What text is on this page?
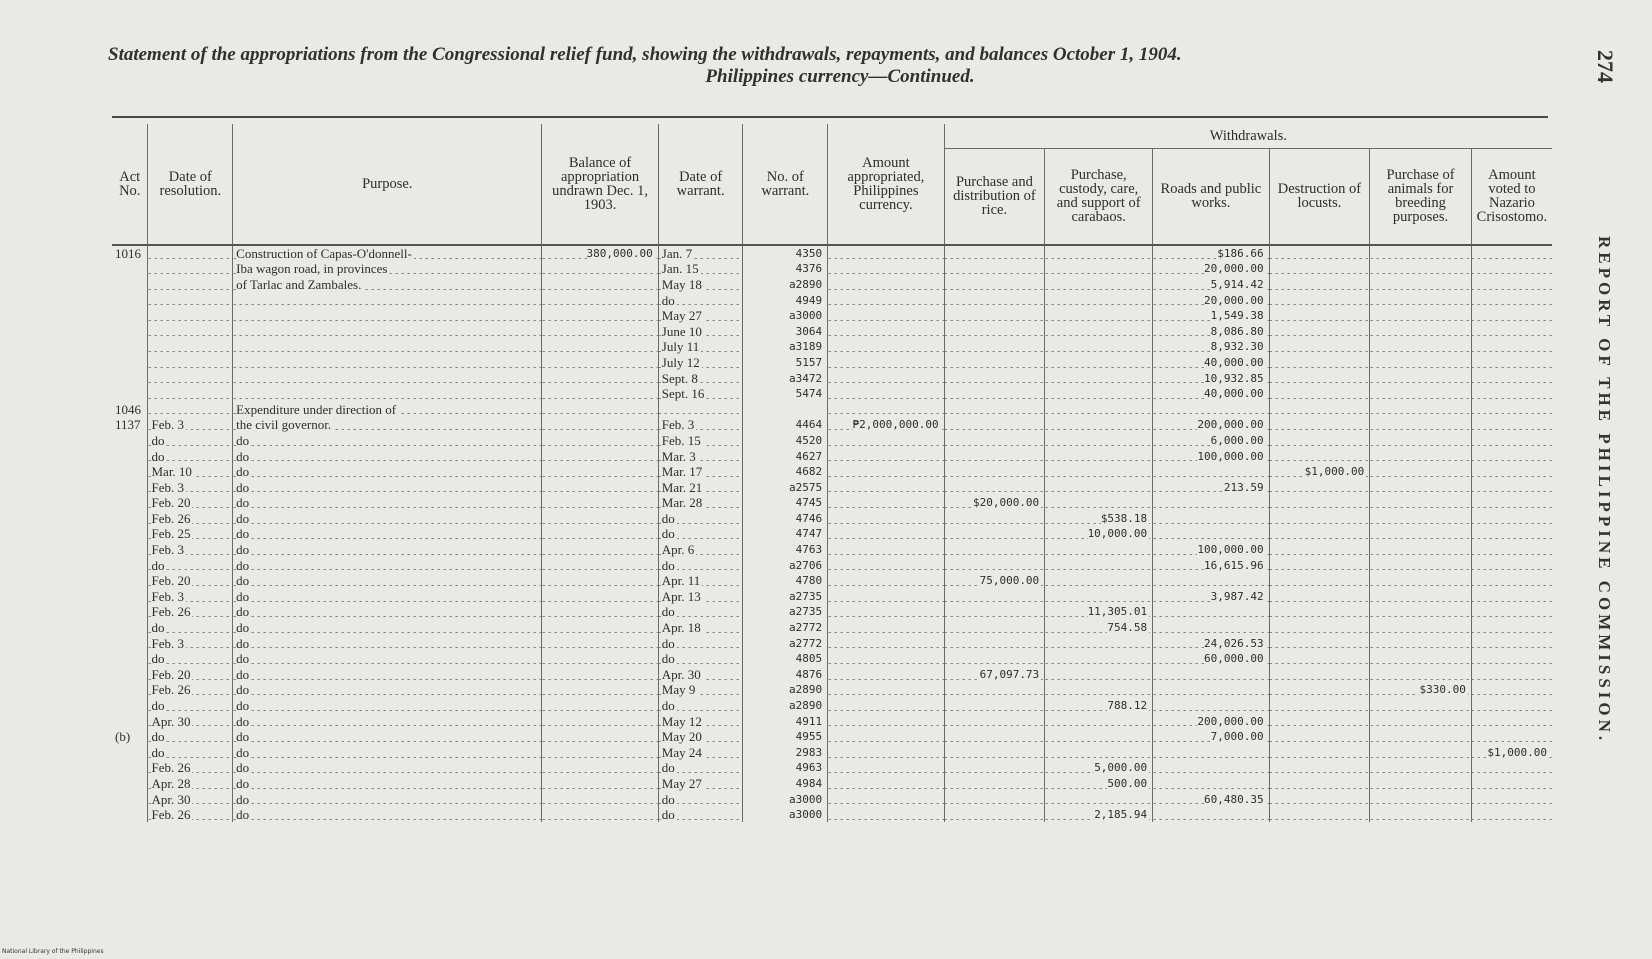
Statement of the appropriations from the Congressional relief fund, showing the withdrawals, repayments, and balances October 1, 1904.
Philippines currency—Continued.	274
REPORT OF THE PHILIPPINE COMMISSION.
Act No.	Date of resolution.	Purpose.	Balance of appropriation undrawn Dec. 1, 1903.	Date of warrant.	No. of warrant.	Amount appropriated, Philippines currency.	Withdrawals.					
							Purchase and distribution of rice.	Purchase, custody, care, and support of carabaos.	Roads and public works.	Destruction of locusts.	Purchase of animals for breeding purposes.	Amount voted to Nazario Crisostomo.
1016		Construction of Capas-O'donnell-	380,000.00	Jan. 7	4350				$186.66			
		Iba wagon road, in provinces		Jan. 15	4376				20,000.00			
		of Tarlac and Zambales.		May 18	a2890				5,914.42			
				do	4949				20,000.00			
				May 27	a3000				1,549.38			
				June 10	3064				8,086.80			
				July 11	a3189				8,932.30			
				July 12	5157				40,000.00			
				Sept. 8	a3472				10,932.85			
				Sept. 16	5474				40,000.00			
1046		Expenditure under direction of										
1137	Feb. 3	the civil governor.		Feb. 3	4464	₱2,000,000.00			200,000.00			
	do	do		Feb. 15	4520				6,000.00			
	do	do		Mar. 3	4627				100,000.00			
	Mar. 10	do		Mar. 17	4682					$1,000.00		
	Feb. 3	do		Mar. 21	a2575				213.59			
	Feb. 20	do		Mar. 28	4745		$20,000.00					
	Feb. 26	do		do	4746			$538.18				
	Feb. 25	do		do	4747			10,000.00				
	Feb. 3	do		Apr. 6	4763				100,000.00			
	do	do		do	a2706				16,615.96			
	Feb. 20	do		Apr. 11	4780		75,000.00					
	Feb. 3	do		Apr. 13	a2735				3,987.42			
	Feb. 26	do		do	a2735			11,305.01				
	do	do		Apr. 18	a2772			754.58				
	Feb. 3	do		do	a2772				24,026.53			
	do	do		do	4805				60,000.00			
	Feb. 20	do		Apr. 30	4876		67,097.73					
	Feb. 26	do		May 9	a2890						$330.00	
	do	do		do	a2890			788.12				
	Apr. 30	do		May 12	4911				200,000.00			
(b)	do	do		May 20	4955				7,000.00			
	do	do		May 24	2983							$1,000.00
	Feb. 26	do		do	4963			5,000.00				
	Apr. 28	do		May 27	4984			500.00				
	Apr. 30	do		do	a3000				60,480.35			
	Feb. 26	do		do	a3000			2,185.94				
National Library of the Philippines
